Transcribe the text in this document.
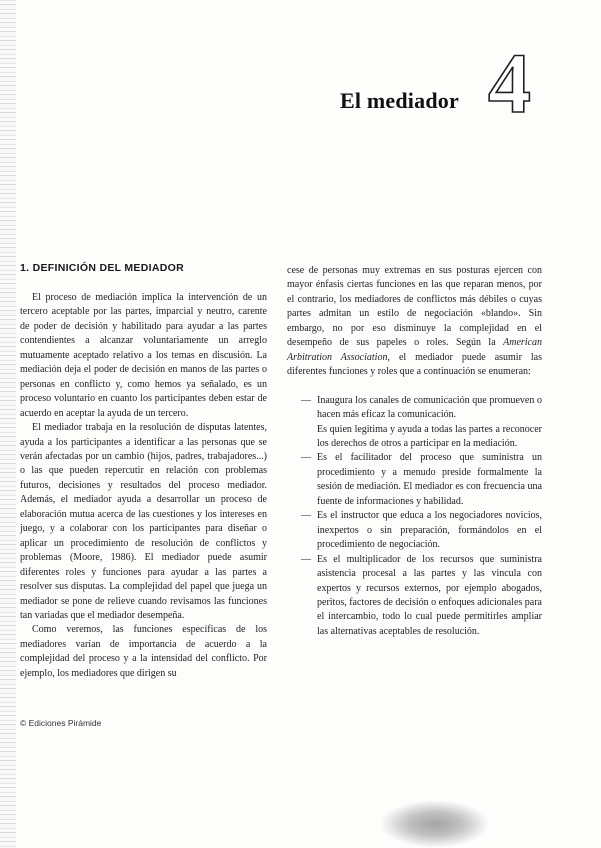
El mediador 4
1. DEFINICIÓN DEL MEDIADOR

El proceso de mediación implica la intervención de un tercero aceptable por las partes, imparcial y neutro, carente de poder de decisión y habilitado para ayudar a las partes contendientes a alcanzar voluntariamente un arreglo mutuamente aceptado relativo a los temas en discusión. La mediación deja el poder de decisión en manos de las partes o personas en conflicto y, como hemos ya señalado, es un proceso voluntario en cuanto los participantes deben estar de acuerdo en aceptar la ayuda de un tercero.

El mediador trabaja en la resolución de disputas latentes, ayuda a los participantes a identificar a las personas que se verán afectadas por un cambio (hijos, padres, trabajadores...) o las que pueden repercutir en relación con problemas futuros, decisiones y resultados del proceso mediador. Además, el mediador ayuda a desarrollar un proceso de elaboración mutua acerca de las cuestiones y los intereses en juego, y a colaborar con los participantes para diseñar o aplicar un procedimiento de resolución de conflictos y problemas (Moore, 1986). El mediador puede asumir diferentes roles y funciones para ayudar a las partes a resolver sus disputas. La complejidad del papel que juega un mediador se pone de relieve cuando revisamos las funciones tan variadas que el mediador desempeña.

Como veremos, las funciones específicas de los mediadores varían de importancia de acuerdo a la complejidad del proceso y a la intensidad del conflicto. Por ejemplo, los mediadores que dirigen su

cese de personas muy extremas en sus posturas ejercen con mayor énfasis ciertas funciones en las que reparan menos, por el contrario, los mediadores de conflictos más débiles o cuyas partes admitan un estilo de negociación «blando». Sin embargo, no por eso disminuye la complejidad en el desempeño de sus papeles o roles. Según la American Arbitration Association, el mediador puede asumir las diferentes funciones y roles que a continuación se enumeran:

— Inaugura los canales de comunicación que promueven o hacen más eficaz la comunicación.
Es quien legitima y ayuda a todas las partes a reconocer los derechos de otros a participar en la mediación.
— Es el facilitador del proceso que suministra un procedimiento y a menudo preside formalmente la sesión de mediación. El mediador es con frecuencia una fuente de informaciones y habilidad.
— Es el instructor que educa a los negociadores novicios, inexpertos o sin preparación, formándolos en el procedimiento de negociación.
— Es el multiplicador de los recursos que suministra asistencia procesal a las partes y las vincula con expertos y recursos externos, por ejemplo abogados, peritos, factores de decisión o enfoques adicionales para el intercambio, todo lo cual puede permitirles ampliar las alternativas aceptables de resolución.
© Ediciones Pirámide
